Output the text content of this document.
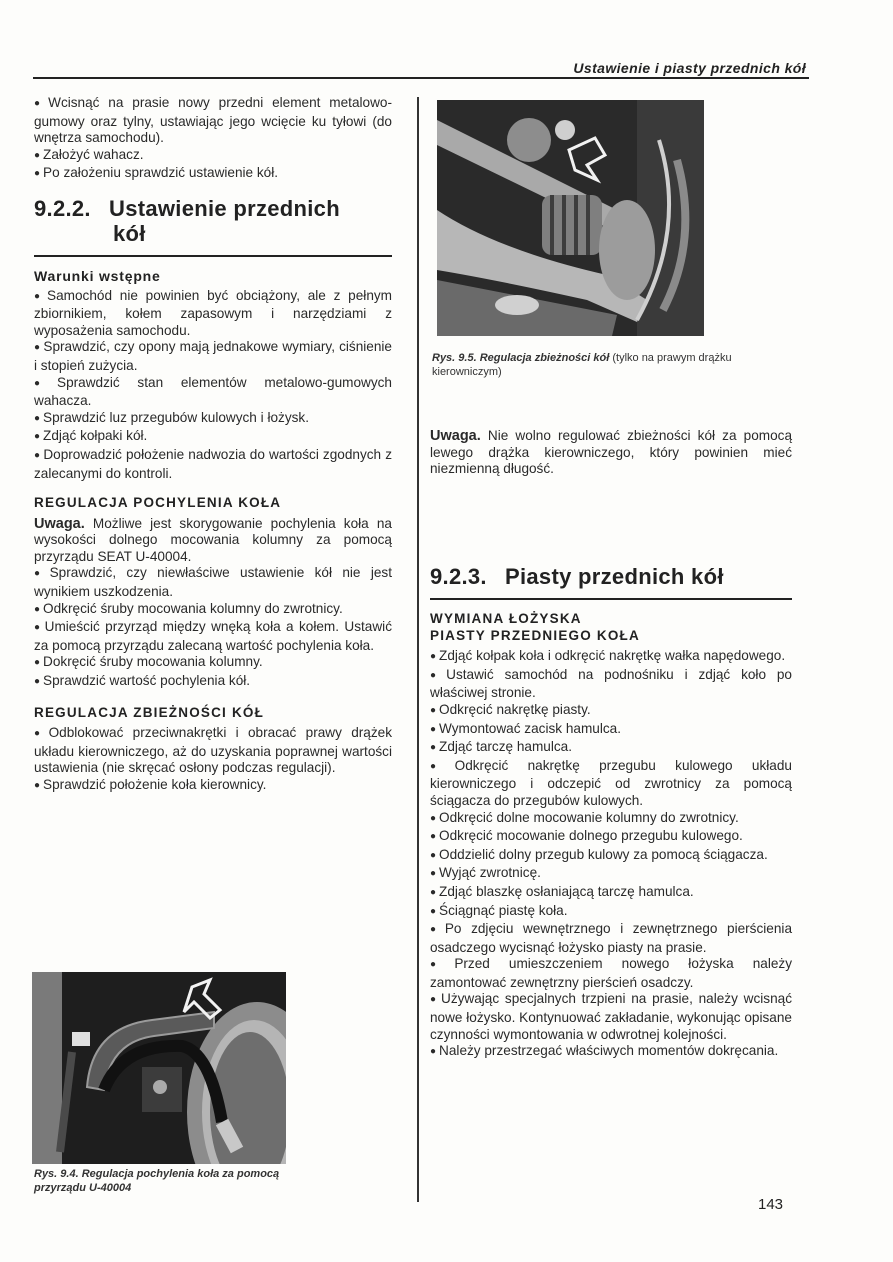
Ustawienie i piasty przednich kół

● Wcisnąć na prasie nowy przedni element metalowo-gumowy oraz tylny, ustawiając jego wcięcie ku tyłowi (do wnętrza samochodu).

● Założyć wahacz.

● Po założeniu sprawdzić ustawienie kół.

9.2.2. Ustawienie przednich
kół
Warunki wstępne

● Samochód nie powinien być obciążony, ale z pełnym zbiornikiem, kołem zapasowym i narzędziami z wyposażenia samochodu.

● Sprawdzić, czy opony mają jednakowe wymiary, ciśnienie i stopień zużycia.

● Sprawdzić stan elementów metalowo-gumowych wahacza.

● Sprawdzić luz przegubów kulowych i łożysk.

● Zdjąć kołpaki kół.

● Doprowadzić położenie nadwozia do wartości zgodnych z zalecanymi do kontroli.

REGULACJA POCHYLENIA KOŁA

Uwaga. Możliwe jest skorygowanie pochylenia koła na wysokości dolnego mocowania kolumny za pomocą przyrządu SEAT U-40004.

● Sprawdzić, czy niewłaściwe ustawienie kół nie jest wynikiem uszkodzenia.

● Odkręcić śruby mocowania kolumny do zwrotnicy.

● Umieścić przyrząd między wnęką koła a kołem. Ustawić za pomocą przyrządu zalecaną wartość pochylenia koła.

● Dokręcić śruby mocowania kolumny.

● Sprawdzić wartość pochylenia kół.

REGULACJA ZBIEŻNOŚCI KÓŁ

● Odblokować przeciwnakrętki i obracać prawy drążek układu kierowniczego, aż do uzyskania poprawnej wartości ustawienia (nie skręcać osłony podczas regulacji).

● Sprawdzić położenie koła kierownicy.

Rys. 9.4. Regulacja pochylenia koła za pomocą
przyrządu U-40004
Rys. 9.5. Regulacja zbieżności kół (tylko na prawym drążku kierowniczym)

Uwaga. Nie wolno regulować zbieżności kół za pomocą lewego drążka kierowniczego, który powinien mieć niezmienną długość.

9.2.3. Piasty przednich kół
WYMIANA ŁOŻYSKA
PIASTY PRZEDNIEGO KOŁA

● Zdjąć kołpak koła i odkręcić nakrętkę wałka napędowego.

● Ustawić samochód na podnośniku i zdjąć koło po właściwej stronie.

● Odkręcić nakrętkę piasty.

● Wymontować zacisk hamulca.

● Zdjąć tarczę hamulca.

● Odkręcić nakrętkę przegubu kulowego układu kierowniczego i odczepić od zwrotnicy za pomocą ściągacza do przegubów kulowych.

● Odkręcić dolne mocowanie kolumny do zwrotnicy.

● Odkręcić mocowanie dolnego przegubu kulowego.

● Oddzielić dolny przegub kulowy za pomocą ściągacza.

● Wyjąć zwrotnicę.

● Zdjąć blaszkę osłaniającą tarczę hamulca.

● Ściągnąć piastę koła.

● Po zdjęciu wewnętrznego i zewnętrznego pierścienia osadczego wycisnąć łożysko piasty na prasie.

● Przed umieszczeniem nowego łożyska należy zamontować zewnętrzny pierścień osadczy.

● Używając specjalnych trzpieni na prasie, należy wcisnąć nowe łożysko. Kontynuować zakładanie, wykonując opisane czynności wymontowania w odwrotnej kolejności.

● Należy przestrzegać właściwych momentów dokręcania.

143
